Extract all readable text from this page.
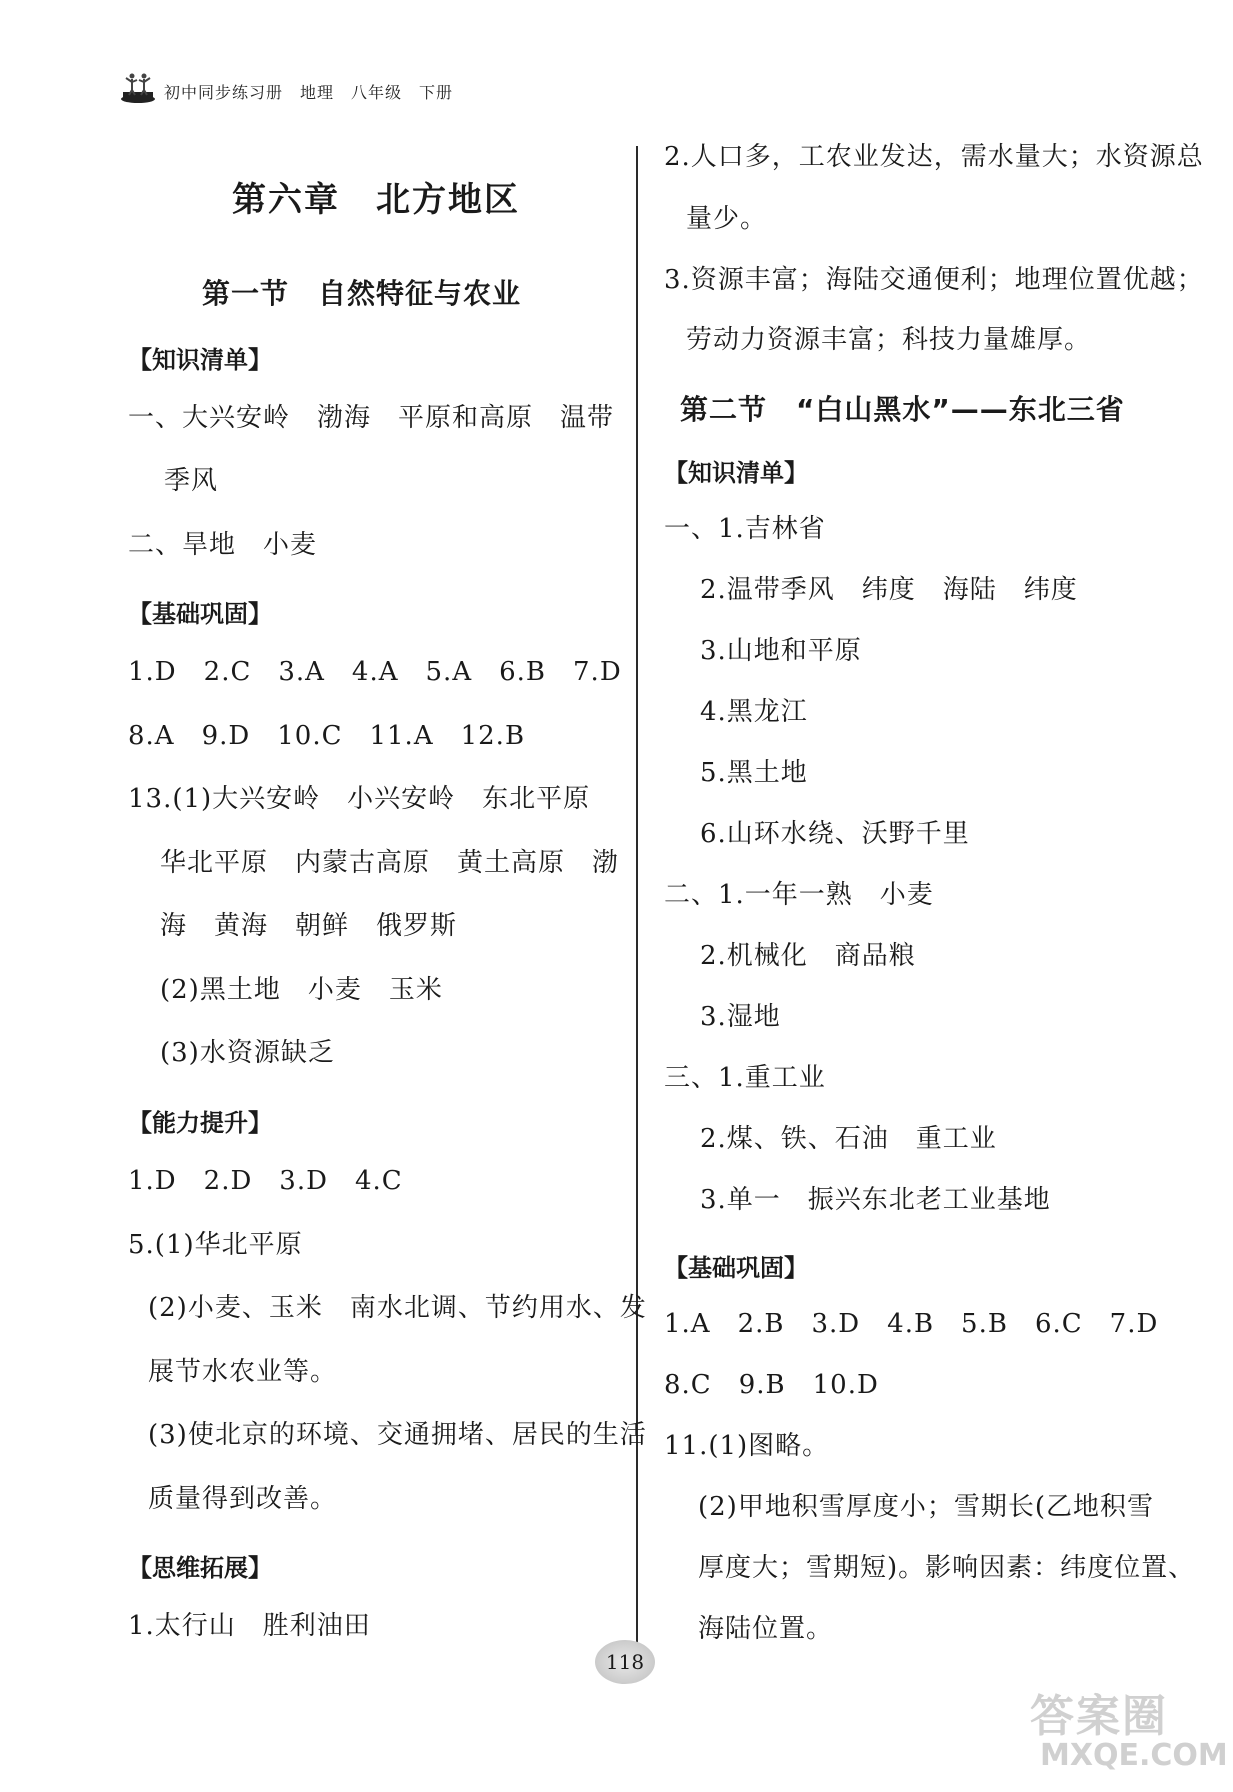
初中同步练习册　地理　八年级　下册
第六章　北方地区
第一节　自然特征与农业
【知识清单】
一、大兴安岭　渤海　平原和高原　温带
季风
二、旱地　小麦
【基础巩固】
1.D　2.C　3.A　4.A　5.A　6.B　7.D
8.A　9.D　10.C　11.A　12.B
13.(1)大兴安岭　小兴安岭　东北平原
华北平原　内蒙古高原　黄土高原　渤
海　黄海　朝鲜　俄罗斯
(2)黑土地　小麦　玉米
(3)水资源缺乏
【能力提升】
1.D　2.D　3.D　4.C
5.(1)华北平原
(2)小麦、玉米　南水北调、节约用水、发
展节水农业等。
(3)使北京的环境、交通拥堵、居民的生活
质量得到改善。
【思维拓展】
1.太行山　胜利油田
2.人口多，工农业发达，需水量大；水资源总
量少。
3.资源丰富；海陆交通便利；地理位置优越；
劳动力资源丰富；科技力量雄厚。
第二节　“白山黑水”——东北三省
【知识清单】
一、1.吉林省
2.温带季风　纬度　海陆　纬度
3.山地和平原
4.黑龙江
5.黑土地
6.山环水绕、沃野千里
二、1.一年一熟　小麦
2.机械化　商品粮
3.湿地
三、1.重工业
2.煤、铁、石油　重工业
3.单一　振兴东北老工业基地
【基础巩固】
1.A　2.B　3.D　4.B　5.B　6.C　7.D
8.C　9.B　10.D
11.(1)图略。
(2)甲地积雪厚度小；雪期长(乙地积雪
厚度大；雪期短)。影响因素：纬度位置、
海陆位置。
118
答案圈
MXQE.COM
